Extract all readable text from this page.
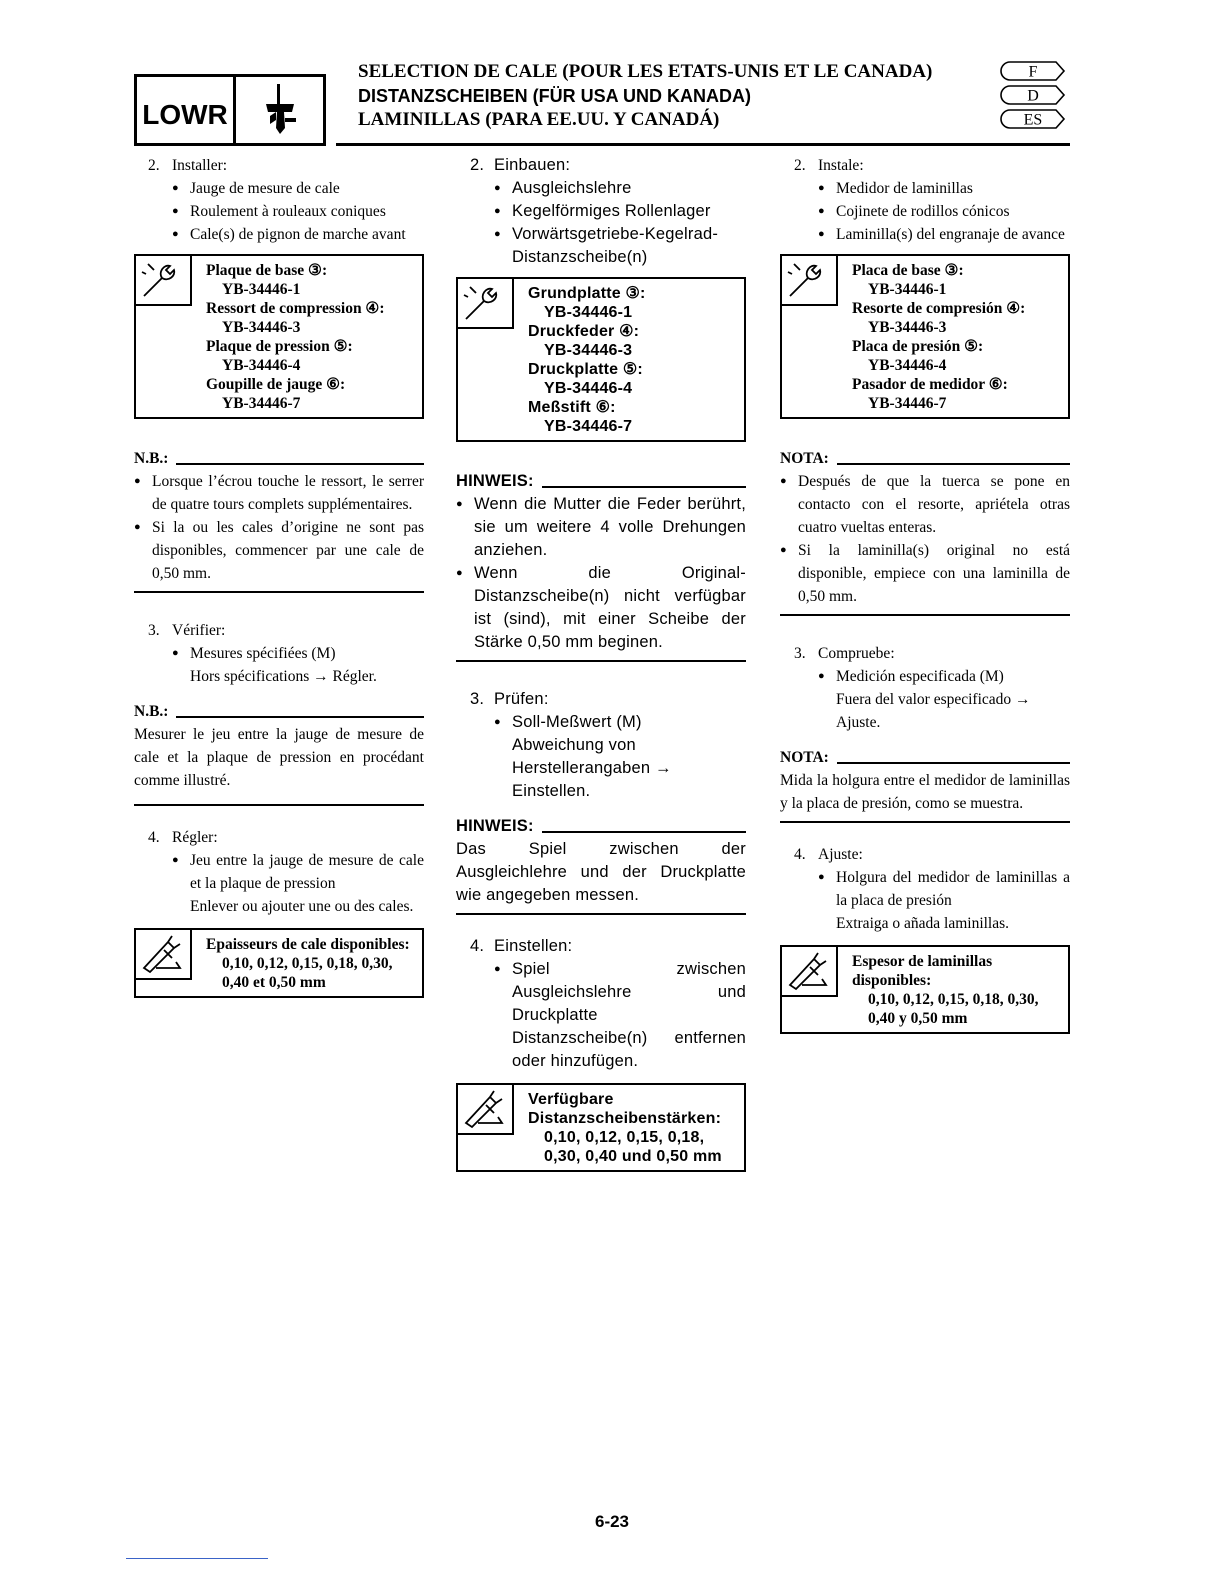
LOWR
SELECTION DE CALE (POUR LES ETATS-UNIS ET LE CANADA)
DISTANZSCHEIBEN (FÜR USA UND KANADA)
LAMINILLAS (PARA EE.UU. Y CANADÁ)
F
D
ES
2. Installer:
● Jauge de mesure de cale
● Roulement à rouleaux coniques
● Cale(s) de pignon de marche avant
Plaque de base ③:
YB-34446-1
Ressort de compression ④:
YB-34446-3
Plaque de pression ⑤:
YB-34446-4
Goupille de jauge ⑥:
YB-34446-7
N.B.:
● Lorsque l’écrou touche le ressort, le serrer de quatre tours complets supplémentaires.
● Si la ou les cales d’origine ne sont pas disponibles, commencer par une cale de 0,50 mm.
3. Vérifier:
● Mesures spécifiées (M)
Hors spécifications → Régler.
N.B.:
Mesurer le jeu entre la jauge de mesure de cale et la plaque de pression en procédant comme illustré.
4. Régler:
● Jeu entre la jauge de mesure de cale et la plaque de pression
Enlever ou ajouter une ou des cales.
Epaisseurs de cale disponibles:
0,10, 0,12, 0,15, 0,18, 0,30, 0,40 et 0,50 mm
2. Einbauen:
● Ausgleichslehre
● Kegelförmiges Rollenlager
● Vorwärtsgetriebe-Kegelrad-Distanzscheibe(n)
Grundplatte ③:
YB-34446-1
Druckfeder ④:
YB-34446-3
Druckplatte ⑤:
YB-34446-4
Meßstift ⑥:
YB-34446-7
HINWEIS:
● Wenn die Mutter die Feder berührt, sie um weitere 4 volle Drehungen anziehen.
● Wenn die Original-Distanzscheibe(n) nicht verfügbar ist (sind), mit einer Scheibe der Stärke 0,50 mm beginen.
3. Prüfen:
● Soll-Meßwert (M)
Abweichung von Herstellerangaben → Einstellen.
HINWEIS:
Das Spiel zwischen der Ausgleichlehre und der Druckplatte wie angegeben messen.
4. Einstellen:
● Spiel zwischen Ausgleichslehre und Druckplatte
Distanzscheibe(n) entfernen oder hinzufügen.
Verfügbare Distanzscheibenstärken:
0,10, 0,12, 0,15, 0,18, 0,30, 0,40 und 0,50 mm
2. Instale:
● Medidor de laminillas
● Cojinete de rodillos cónicos
● Laminilla(s) del engranaje de avance
Placa de base ③:
YB-34446-1
Resorte de compresión ④:
YB-34446-3
Placa de presión ⑤:
YB-34446-4
Pasador de medidor ⑥:
YB-34446-7
NOTA:
● Después de que la tuerca se pone en contacto con el resorte, apriétela otras cuatro vueltas enteras.
● Si la laminilla(s) original no está disponible, empiece con una laminilla de 0,50 mm.
3. Compruebe:
● Medición especificada (M)
Fuera del valor especificado → Ajuste.
NOTA:
Mida la holgura entre el medidor de laminillas y la placa de presión, como se muestra.
4. Ajuste:
● Holgura del medidor de laminillas a la placa de presión
Extraiga o añada laminillas.
Espesor de laminillas disponibles:
0,10, 0,12, 0,15, 0,18, 0,30, 0,40 y 0,50 mm
6-23
